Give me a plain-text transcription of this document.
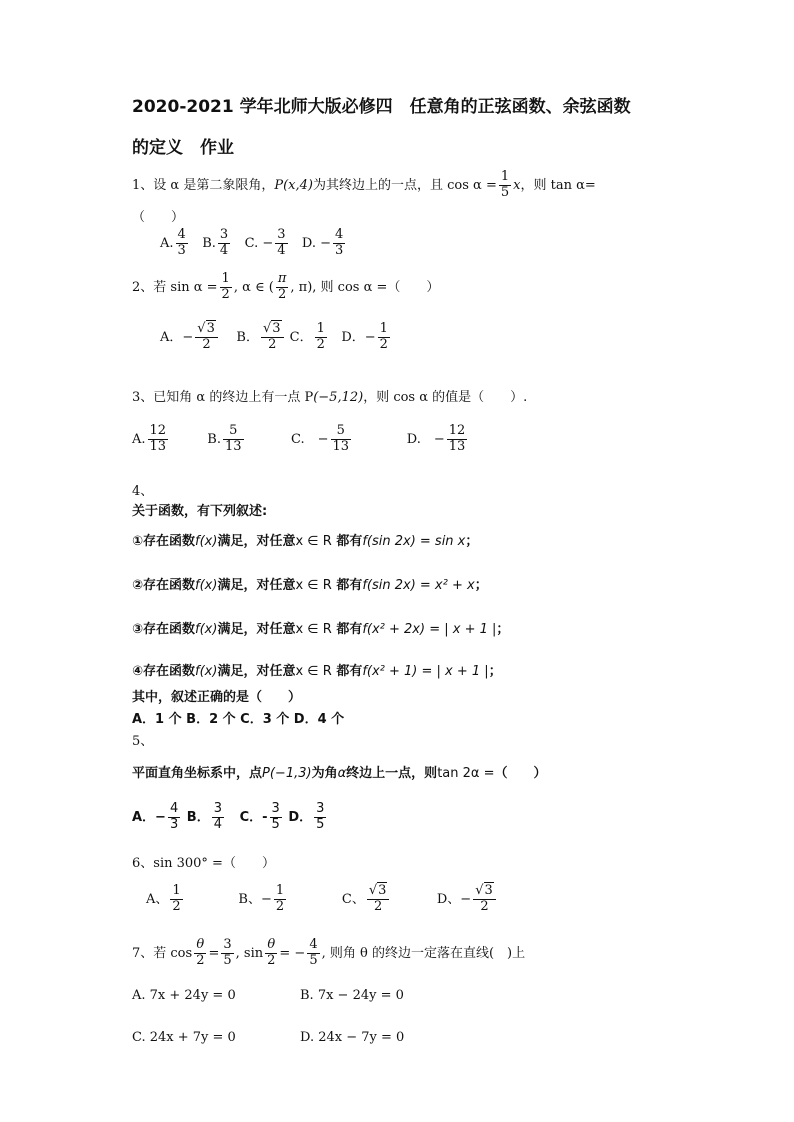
2020-2021 学年北师大版必修四　任意角的正弦函数、余弦函数
的定义　作业
1、设 α 是第二象限角，P(x,4)为其终边上的一点，且 $\cos \alpha = \frac{1}{5}$ x，则 tan α=
（　　）
A. $\frac{4}{3} B$. $\frac{3}{4} C$. − $\frac{3}{4} D$. − $\frac{4}{3}$
2、若 $\sin \alpha = \frac{1}{2}$ , α ∈ ( $\frac{\pi}{2}$ , π), 则 cos α =（　　）
A．− $\frac{√3}{2}$ B． $\frac{√3}{2}$ C． $\frac{1}{2}$ D．− $\frac{1}{2}$
3、已知角 α 的终边上有一点 P(−5,12)，则 cos α 的值是（　　）.
A. $\frac{12}{13}$	B. $\frac{5}{13}$	C.　− $\frac{5}{13}$	D.　− $\frac{12}{13}$
4、
关于函数，有下列叙述:
①存在函数f(x)满足，对任意x ∈ R 都有f(sin 2x) = sin x；
②存在函数f(x)满足，对任意x ∈ R 都有f(sin 2x) = x² + x；
③存在函数f(x)满足，对任意x ∈ R 都有f(x² + 2x) = | x + 1 |；
④存在函数f(x)满足，对任意x ∈ R 都有f(x² + 1) = | x + 1 |；
其中，叙述正确的是（　　）
A．1 个 B．2 个 C．3 个 D．4 个
5、
平面直角坐标系中，点P(−1,3)为角α终边上一点，则tan 2α =（　　）
A．− $\frac{4}{3}$ B． $\frac{3}{4}$ C．- $\frac{3}{5}$ D． $\frac{3}{5}$
6、sin 300° =（　　）
A、 $\frac{1}{2}$	B、− $\frac{1}{2}$	C、 $\frac{√3}{2}$	D、− $\frac{√3}{2}$
7、若 $\cos \frac{\theta}{2} = \frac{3}{5}$ , $\sin \frac{\theta}{2}$ = − $\frac{4}{5}$ , 则角 θ 的终边一定落在直线(　)上
A. 7x + 24y = 0	B. 7x − 24y = 0
C. 24x + 7y = 0	D. 24x − 7y = 0
